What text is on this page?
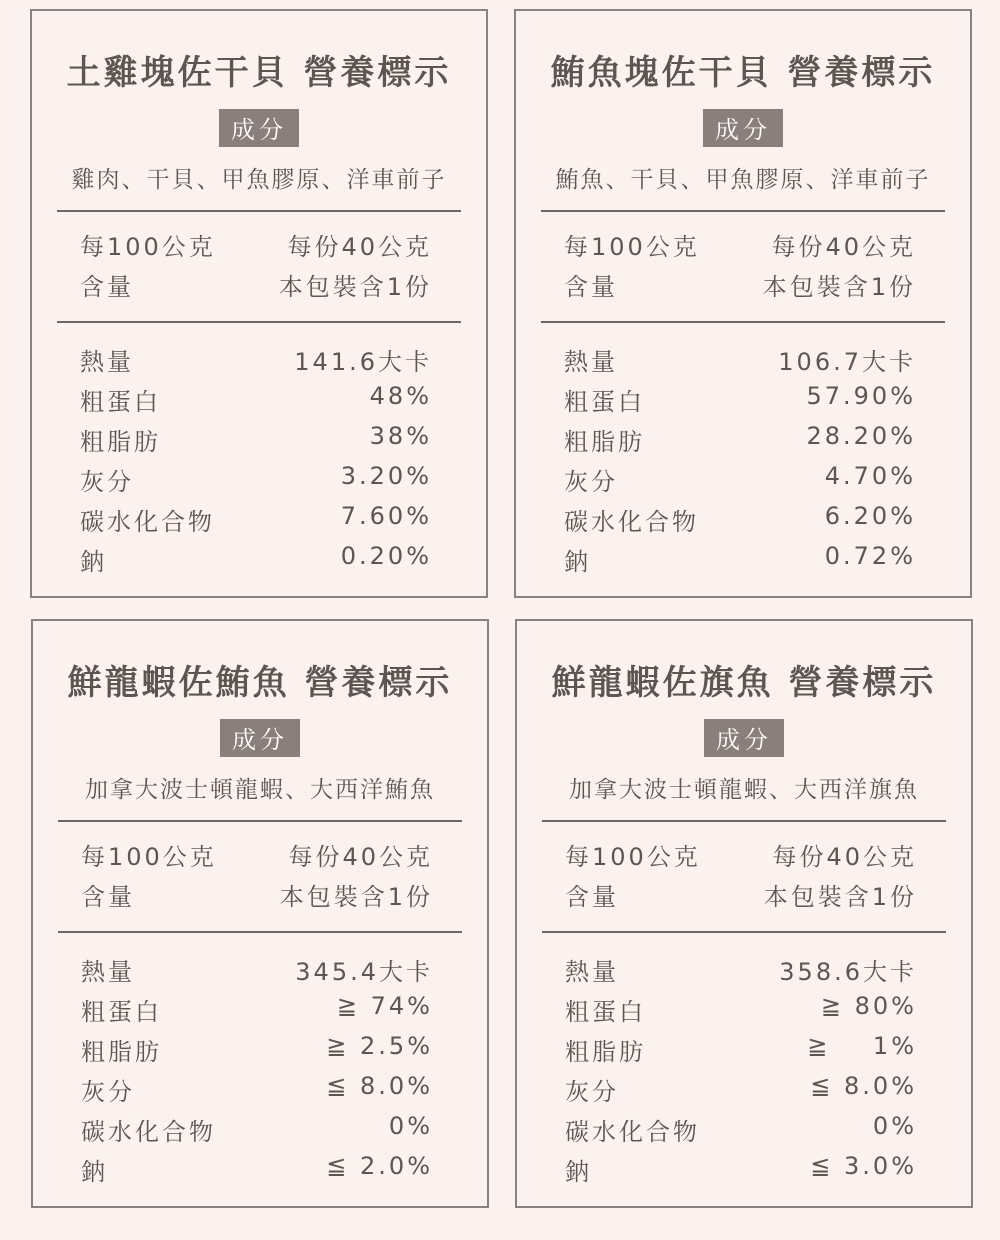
土雞塊佐干貝 營養標示
成分
雞肉、干貝、甲魚膠原、洋車前子
每100公克	每份40公克
含量	本包裝含1份
熱量	141.6大卡
粗蛋白	48%
粗脂肪	38%
灰分	3.20%
碳水化合物	7.60%
鈉	0.20%
鮪魚塊佐干貝 營養標示
成分
鮪魚、干貝、甲魚膠原、洋車前子
每100公克	每份40公克
含量	本包裝含1份
熱量	106.7大卡
粗蛋白	57.90%
粗脂肪	28.20%
灰分	4.70%
碳水化合物	6.20%
鈉	0.72%
鮮龍蝦佐鮪魚 營養標示
成分
加拿大波士頓龍蝦、大西洋鮪魚
每100公克	每份40公克
含量	本包裝含1份
熱量	345.4大卡
粗蛋白	≧ 74%
粗脂肪	≧ 2.5%
灰分	≦ 8.0%
碳水化合物	0%
鈉	≦ 2.0%
鮮龍蝦佐旗魚 營養標示
成分
加拿大波士頓龍蝦、大西洋旗魚
每100公克	每份40公克
含量	本包裝含1份
熱量	358.6大卡
粗蛋白	≧ 80%
粗脂肪	≧    1%
灰分	≦ 8.0%
碳水化合物	0%
鈉	≦ 3.0%
